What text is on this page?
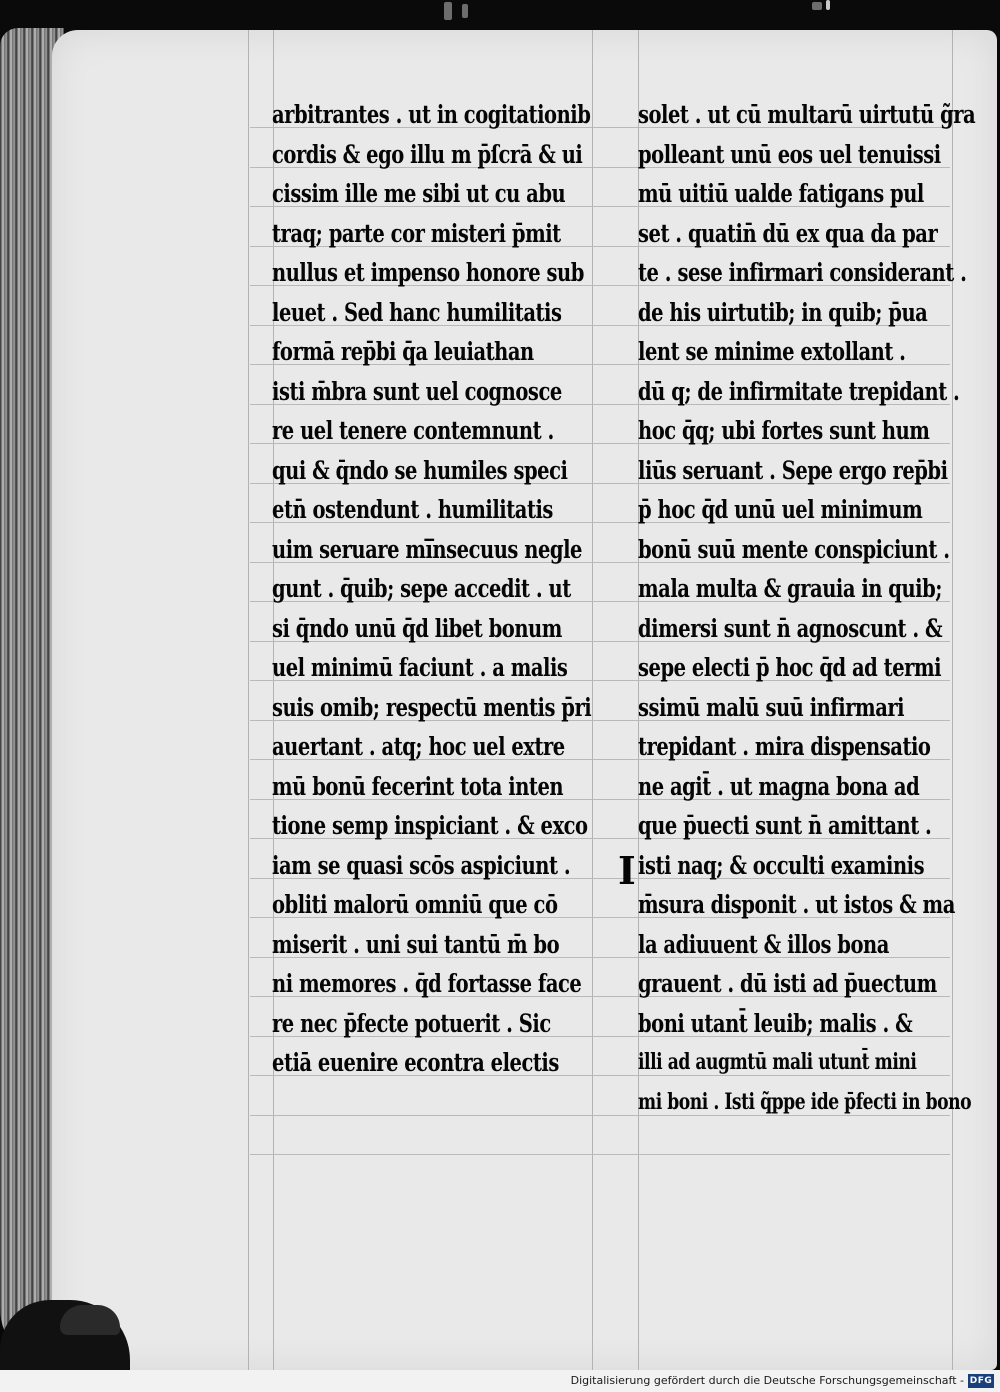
arbitrantes . ut in cogitationib
cordis & ego illu m p̄ſcrā & ui
cissim ille me sibi ut cu abu
traq; parte cor misteri p̄mit
nullus et impenso honore sub
leuet . Sed hanc humilitatis
formā rep̄bi q̄a leuiathan
isti m̄bra sunt uel cognosce
re uel tenere contemnunt .
qui & q̄ndo se humiles speci
etn̄ ostendunt . humilitatis
uim seruare mi̅nsecuus negle
gunt . q̄uib; sepe accedit . ut
si q̄ndo unū q̄d libet bonum
uel minimū faciunt . a malis
suis omib; respectū mentis p̄ri
auertant . atq; hoc uel extre
mū bonū fecerint tota inten
tione semp inspiciant . & exco
iam se quasi scōs aspiciunt .
obliti malorū omniū que cō
miserit . uni sui tantū m̄ bo
ni memores . q̄d fortasse face
re nec p̄fecte potuerit . Sic
etiā euenire econtra electis
solet . ut cū multarū uirtutū g̃ra
polleant unū eos uel tenuissi
mū uitiū ualde fatigans pul
set . quatin̄ dū ex qua da par
te . sese infirmari considerant .
de his uirtutib; in quib; p̄ua
lent se minime extollant .
dū q; de infirmitate trepidant .
hoc q̄q; ubi fortes sunt hum
liūs seruant . Sepe ergo rep̄bi
p̄ hoc q̄d unū uel minimum
bonū suū mente conspiciunt .
mala multa & grauia in quib;
dimersi sunt n̄ agnoscunt . &
sepe electi p̄ hoc q̄d ad termi
ssimū malū suū infirmari
trepidant . mira dispensatio
ne agit̄ . ut magna bona ad
que p̄uecti sunt n̄ amittant .
isti naq; & occulti examinis
m̄sura disponit . ut istos & ma
la adiuuent & illos bona
grauent . dū isti ad p̄uectum
boni utant̄ leuib; malis . &
illi ad augmtū mali utunt̄ mini
mi boni . Isti q̃ppe ide p̄fecti in bono
I
Digitalisierung gefördert durch die Deutsche Forschungsgemeinschaft - DFG
